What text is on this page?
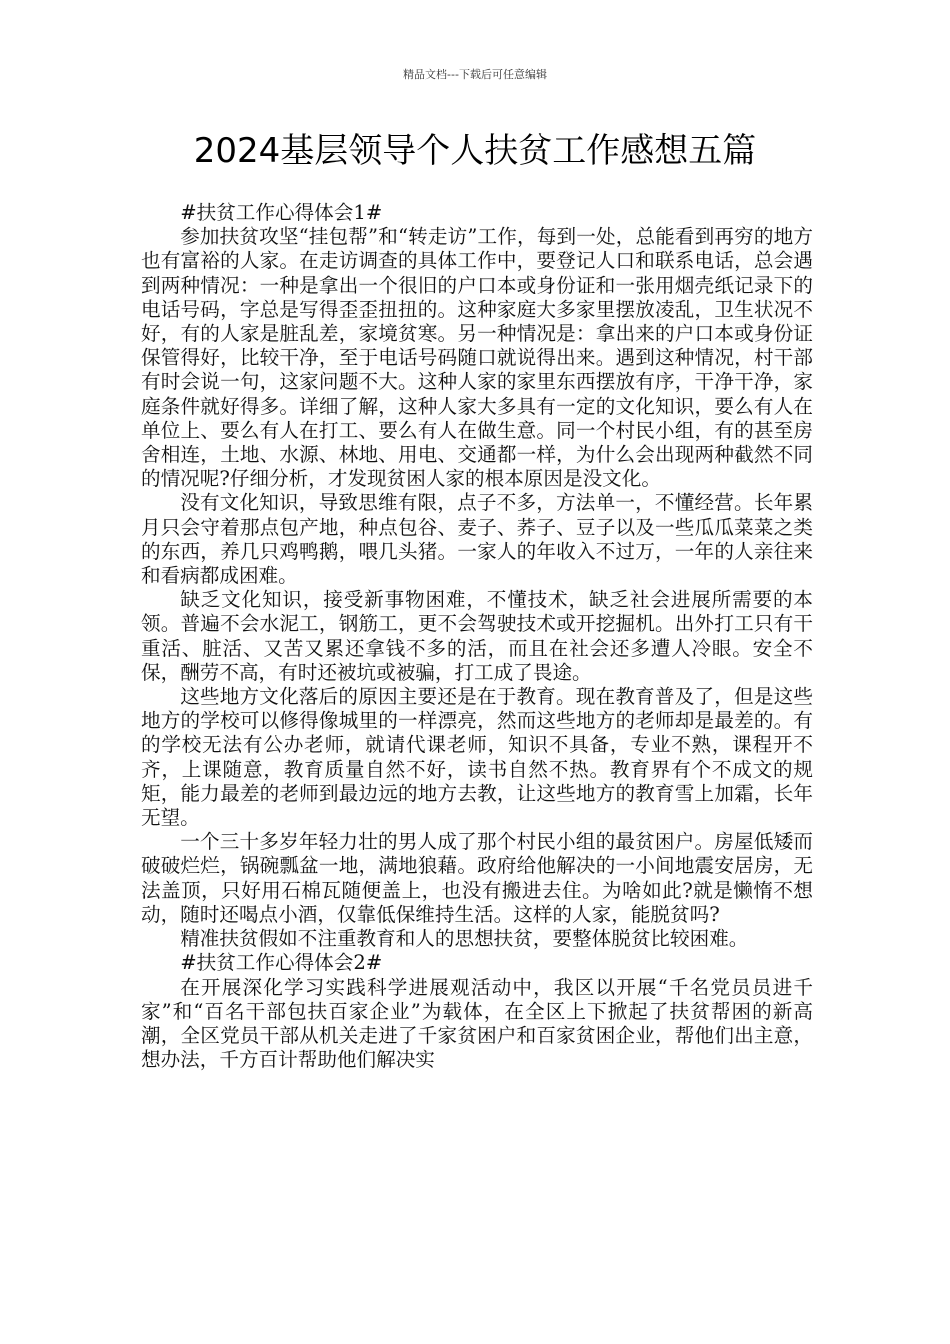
精品文档---下载后可任意编辑
2024基层领导个人扶贫工作感想五篇

#扶贫工作心得体会1#

参加扶贫攻坚“挂包帮”和“转走访”工作，每到一处，总能看到再穷的地方也有富裕的人家。在走访调查的具体工作中，要登记人口和联系电话，总会遇到两种情况：一种是拿出一个很旧的户口本或身份证和一张用烟壳纸记录下的电话号码，字总是写得歪歪扭扭的。这种家庭大多家里摆放凌乱，卫生状况不好，有的人家是脏乱差，家境贫寒。另一种情况是：拿出来的户口本或身份证保管得好，比较干净，至于电话号码随口就说得出来。遇到这种情况，村干部有时会说一句，这家问题不大。这种人家的家里东西摆放有序，干净干净，家庭条件就好得多。详细了解，这种人家大多具有一定的文化知识，要么有人在单位上、要么有人在打工、要么有人在做生意。同一个村民小组，有的甚至房舍相连，土地、水源、林地、用电、交通都一样，为什么会出现两种截然不同的情况呢?仔细分析，才发现贫困人家的根本原因是没文化。

没有文化知识，导致思维有限，点子不多，方法单一，不懂经营。长年累月只会守着那点包产地，种点包谷、麦子、荞子、豆子以及一些瓜瓜菜菜之类的东西，养几只鸡鸭鹅，喂几头猪。一家人的年收入不过万，一年的人亲往来和看病都成困难。

缺乏文化知识，接受新事物困难，不懂技术，缺乏社会进展所需要的本领。普遍不会水泥工，钢筋工，更不会驾驶技术或开挖掘机。出外打工只有干重活、脏活、又苦又累还拿钱不多的活，而且在社会还多遭人冷眼。安全不保，酬劳不高，有时还被坑或被骗，打工成了畏途。

这些地方文化落后的原因主要还是在于教育。现在教育普及了，但是这些地方的学校可以修得像城里的一样漂亮，然而这些地方的老师却是最差的。有的学校无法有公办老师，就请代课老师，知识不具备，专业不熟，课程开不齐，上课随意，教育质量自然不好，读书自然不热。教育界有个不成文的规矩，能力最差的老师到最边远的地方去教，让这些地方的教育雪上加霜，长年无望。

一个三十多岁年轻力壮的男人成了那个村民小组的最贫困户。房屋低矮而破破烂烂，锅碗瓢盆一地，满地狼藉。政府给他解决的一小间地震安居房，无法盖顶，只好用石棉瓦随便盖上，也没有搬进去住。为啥如此?就是懒惰不想动，随时还喝点小酒，仅靠低保维持生活。这样的人家，能脱贫吗?

精准扶贫假如不注重教育和人的思想扶贫，要整体脱贫比较困难。

#扶贫工作心得体会2#

在开展深化学习实践科学进展观活动中，我区以开展“千名党员员进千家”和“百名干部包扶百家企业”为载体，在全区上下掀起了扶贫帮困的新高潮，全区党员干部从机关走进了千家贫困户和百家贫困企业，帮他们出主意，想办法，千方百计帮助他们解决实
